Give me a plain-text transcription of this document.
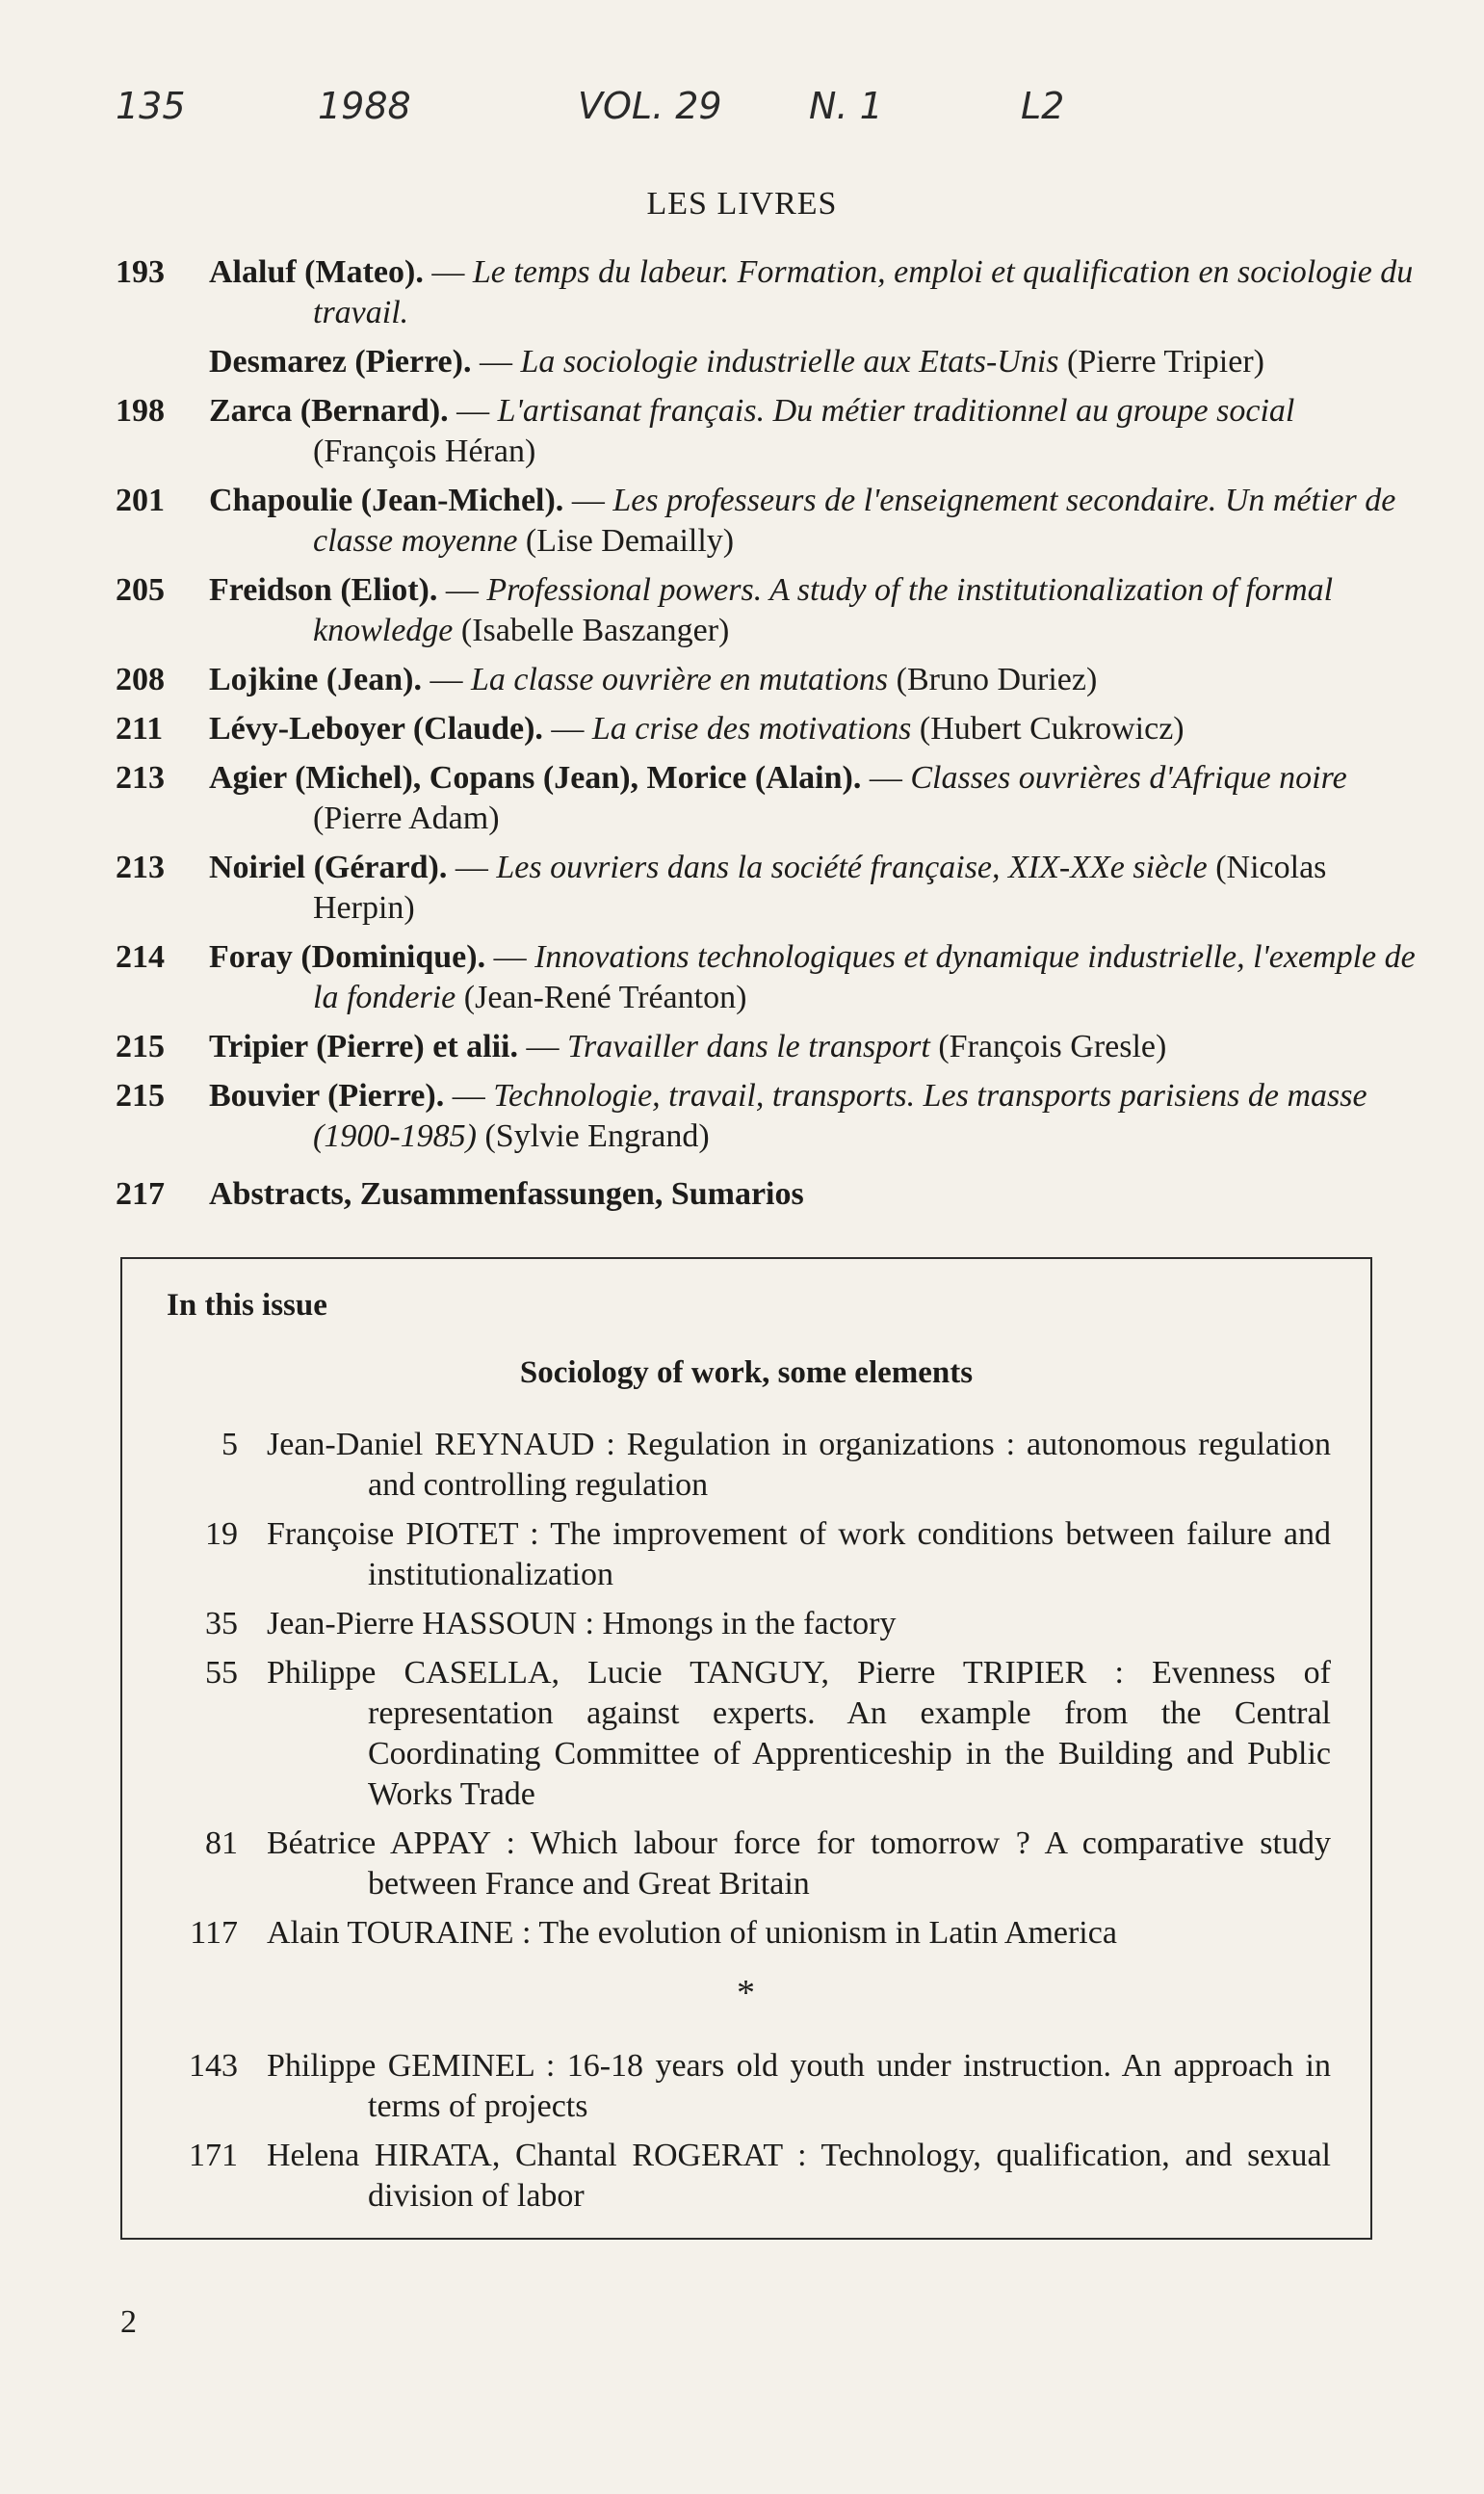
135	1988	VOL. 29 N. 1	L2
LES LIVRES
193	Alaluf (Mateo). — Le temps du labeur. Formation, emploi et qualification en sociologie du travail.
Desmarez (Pierre). — La sociologie industrielle aux Etats-Unis (Pierre Tripier)
198	Zarca (Bernard). — L'artisanat français. Du métier traditionnel au groupe social (François Héran)
201	Chapoulie (Jean-Michel). — Les professeurs de l'enseignement secondaire. Un métier de classe moyenne (Lise Demailly)
205	Freidson (Eliot). — Professional powers. A study of the institutionalization of formal knowledge (Isabelle Baszanger)
208	Lojkine (Jean). — La classe ouvrière en mutations (Bruno Duriez)
211	Lévy-Leboyer (Claude). — La crise des motivations (Hubert Cukrowicz)
213	Agier (Michel), Copans (Jean), Morice (Alain). — Classes ouvrières d'Afrique noire (Pierre Adam)
213	Noiriel (Gérard). — Les ouvriers dans la société française, XIX-XXe siècle (Nicolas Herpin)
214	Foray (Dominique). — Innovations technologiques et dynamique industrielle, l'exemple de la fonderie (Jean-René Tréanton)
215	Tripier (Pierre) et alii. — Travailler dans le transport (François Gresle)
215	Bouvier (Pierre). — Technologie, travail, transports. Les transports parisiens de masse (1900-1985) (Sylvie Engrand)
217	Abstracts, Zusammenfassungen, Sumarios
In this issue
Sociology of work, some elements
5 Jean-Daniel REYNAUD : Regulation in organizations : autonomous regulation and controlling regulation
19 Françoise PIOTET : The improvement of work conditions between failure and institutionalization
35 Jean-Pierre HASSOUN : Hmongs in the factory
55 Philippe CASELLA, Lucie TANGUY, Pierre TRIPIER : Evenness of representation against experts. An example from the Central Coordinating Committee of Apprenticeship in the Building and Public Works Trade
81 Béatrice APPAY : Which labour force for tomorrow ? A comparative study between France and Great Britain
117 Alain TOURAINE : The evolution of unionism in Latin America
*
143 Philippe GEMINEL : 16-18 years old youth under instruction. An approach in terms of projects
171 Helena HIRATA, Chantal ROGERAT : Technology, qualification, and sexual division of labor
2
